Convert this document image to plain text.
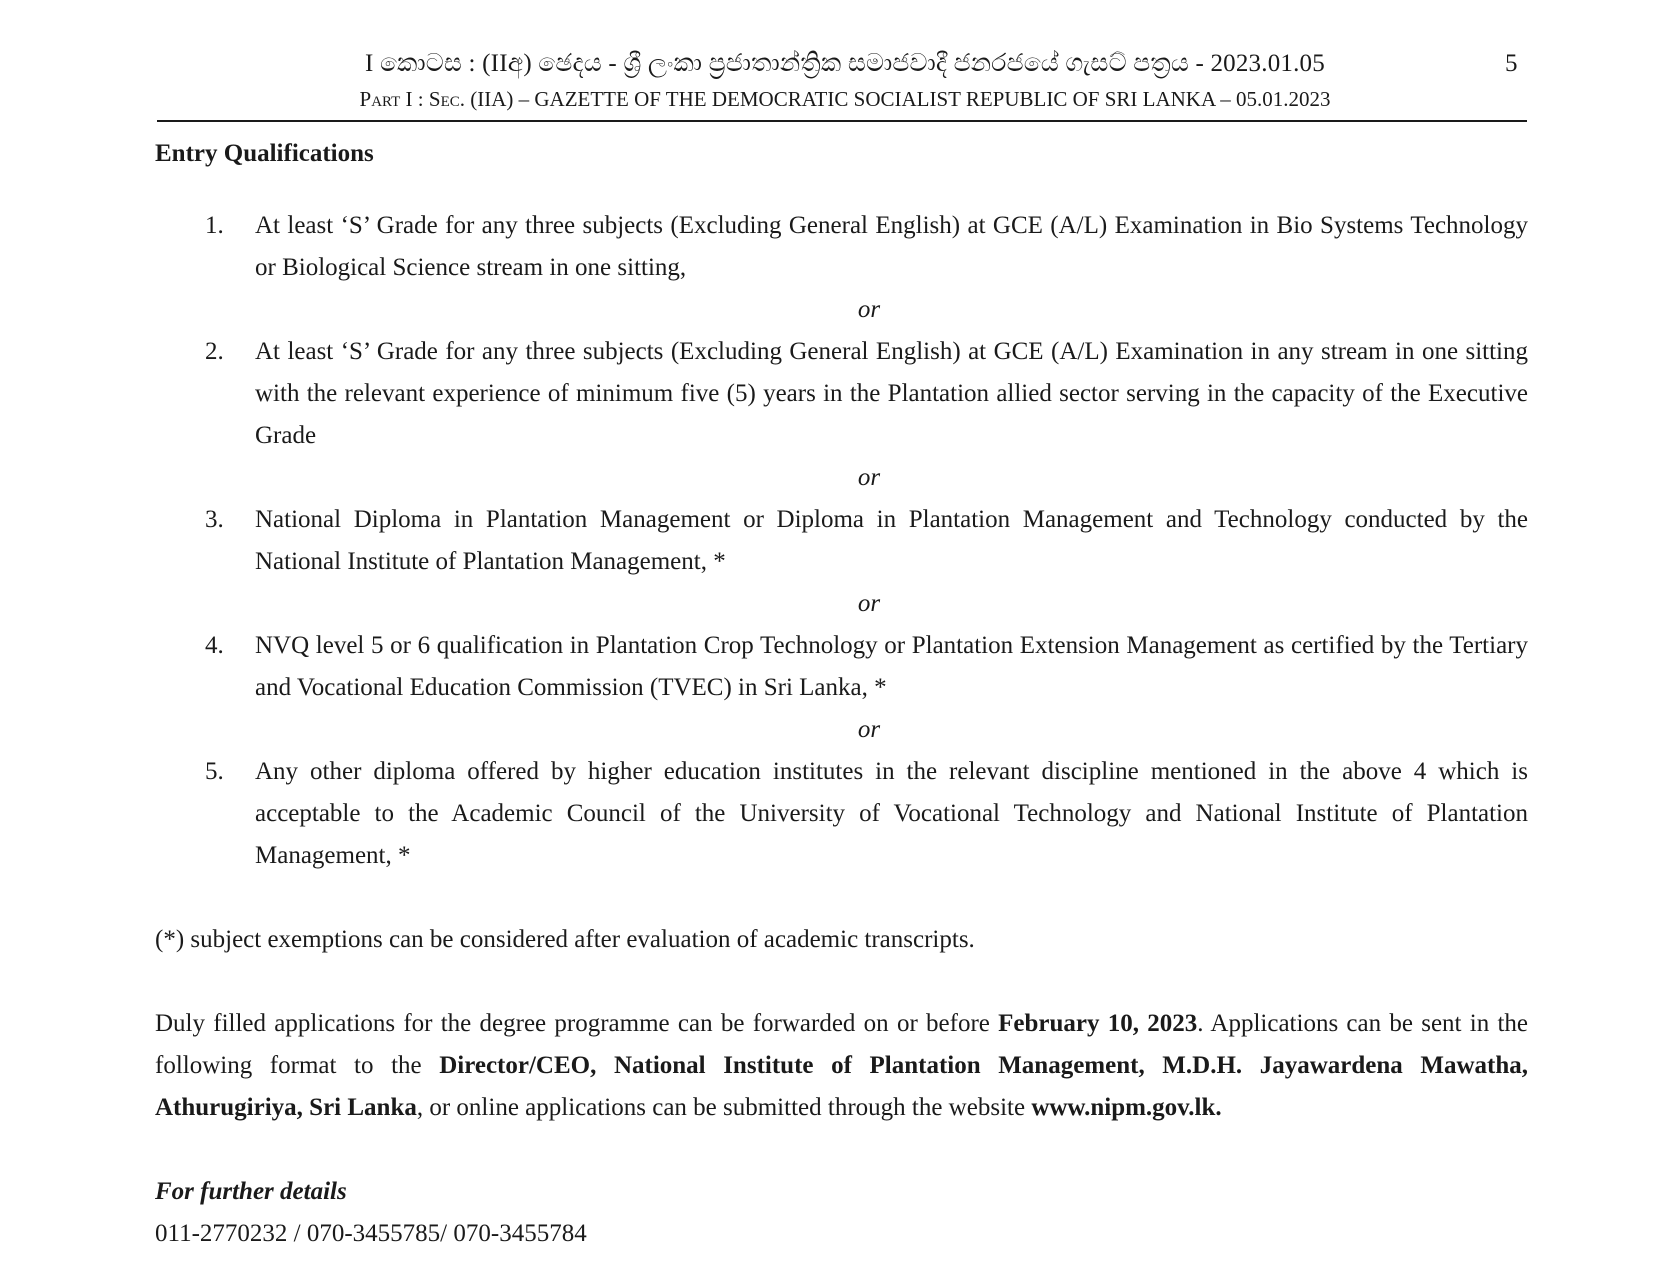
I කොටස : (IIඅ) ඡෙදය - ශ්‍රී ලංකා ප්‍රජාතාන්ත්‍රික සමාජවාදී ජනරජයේ ගැසට් පත්‍රය - 2023.01.05	5
Part I : Sec. (IIA) – GAZETTE OF THE DEMOCRATIC SOCIALIST REPUBLIC OF SRI LANKA – 05.01.2023
Entry Qualifications
1. At least ‘S’ Grade for any three subjects (Excluding General English) at GCE (A/L) Examination in Bio Systems Technology or Biological Science stream in one sitting,
or
2. At least ‘S’ Grade for any three subjects (Excluding General English) at GCE (A/L) Examination in any stream in one sitting with the relevant experience of minimum five (5) years in the Plantation allied sector serving in the capacity of the Executive Grade
or
3. National Diploma in Plantation Management or Diploma in Plantation Management and Technology conducted by the National Institute of Plantation Management, *
or
4. NVQ level 5 or 6 qualification in Plantation Crop Technology or Plantation Extension Management as certified by the Tertiary and Vocational Education Commission (TVEC) in Sri Lanka, *
or
5. Any other diploma offered by higher education institutes in the relevant discipline mentioned in the above 4 which is acceptable to the Academic Council of the University of Vocational Technology and National Institute of Plantation Management, *

(*) subject exemptions can be considered after evaluation of academic transcripts.

Duly filled applications for the degree programme can be forwarded on or before February 10, 2023. Applications can be sent in the following format to the Director/CEO, National Institute of Plantation Management, M.D.H. Jayawardena Mawatha, Athurugiriya, Sri Lanka, or online applications can be submitted through the website www.nipm.gov.lk.

For further details

011-2770232 / 070-3455785/ 070-3455784
